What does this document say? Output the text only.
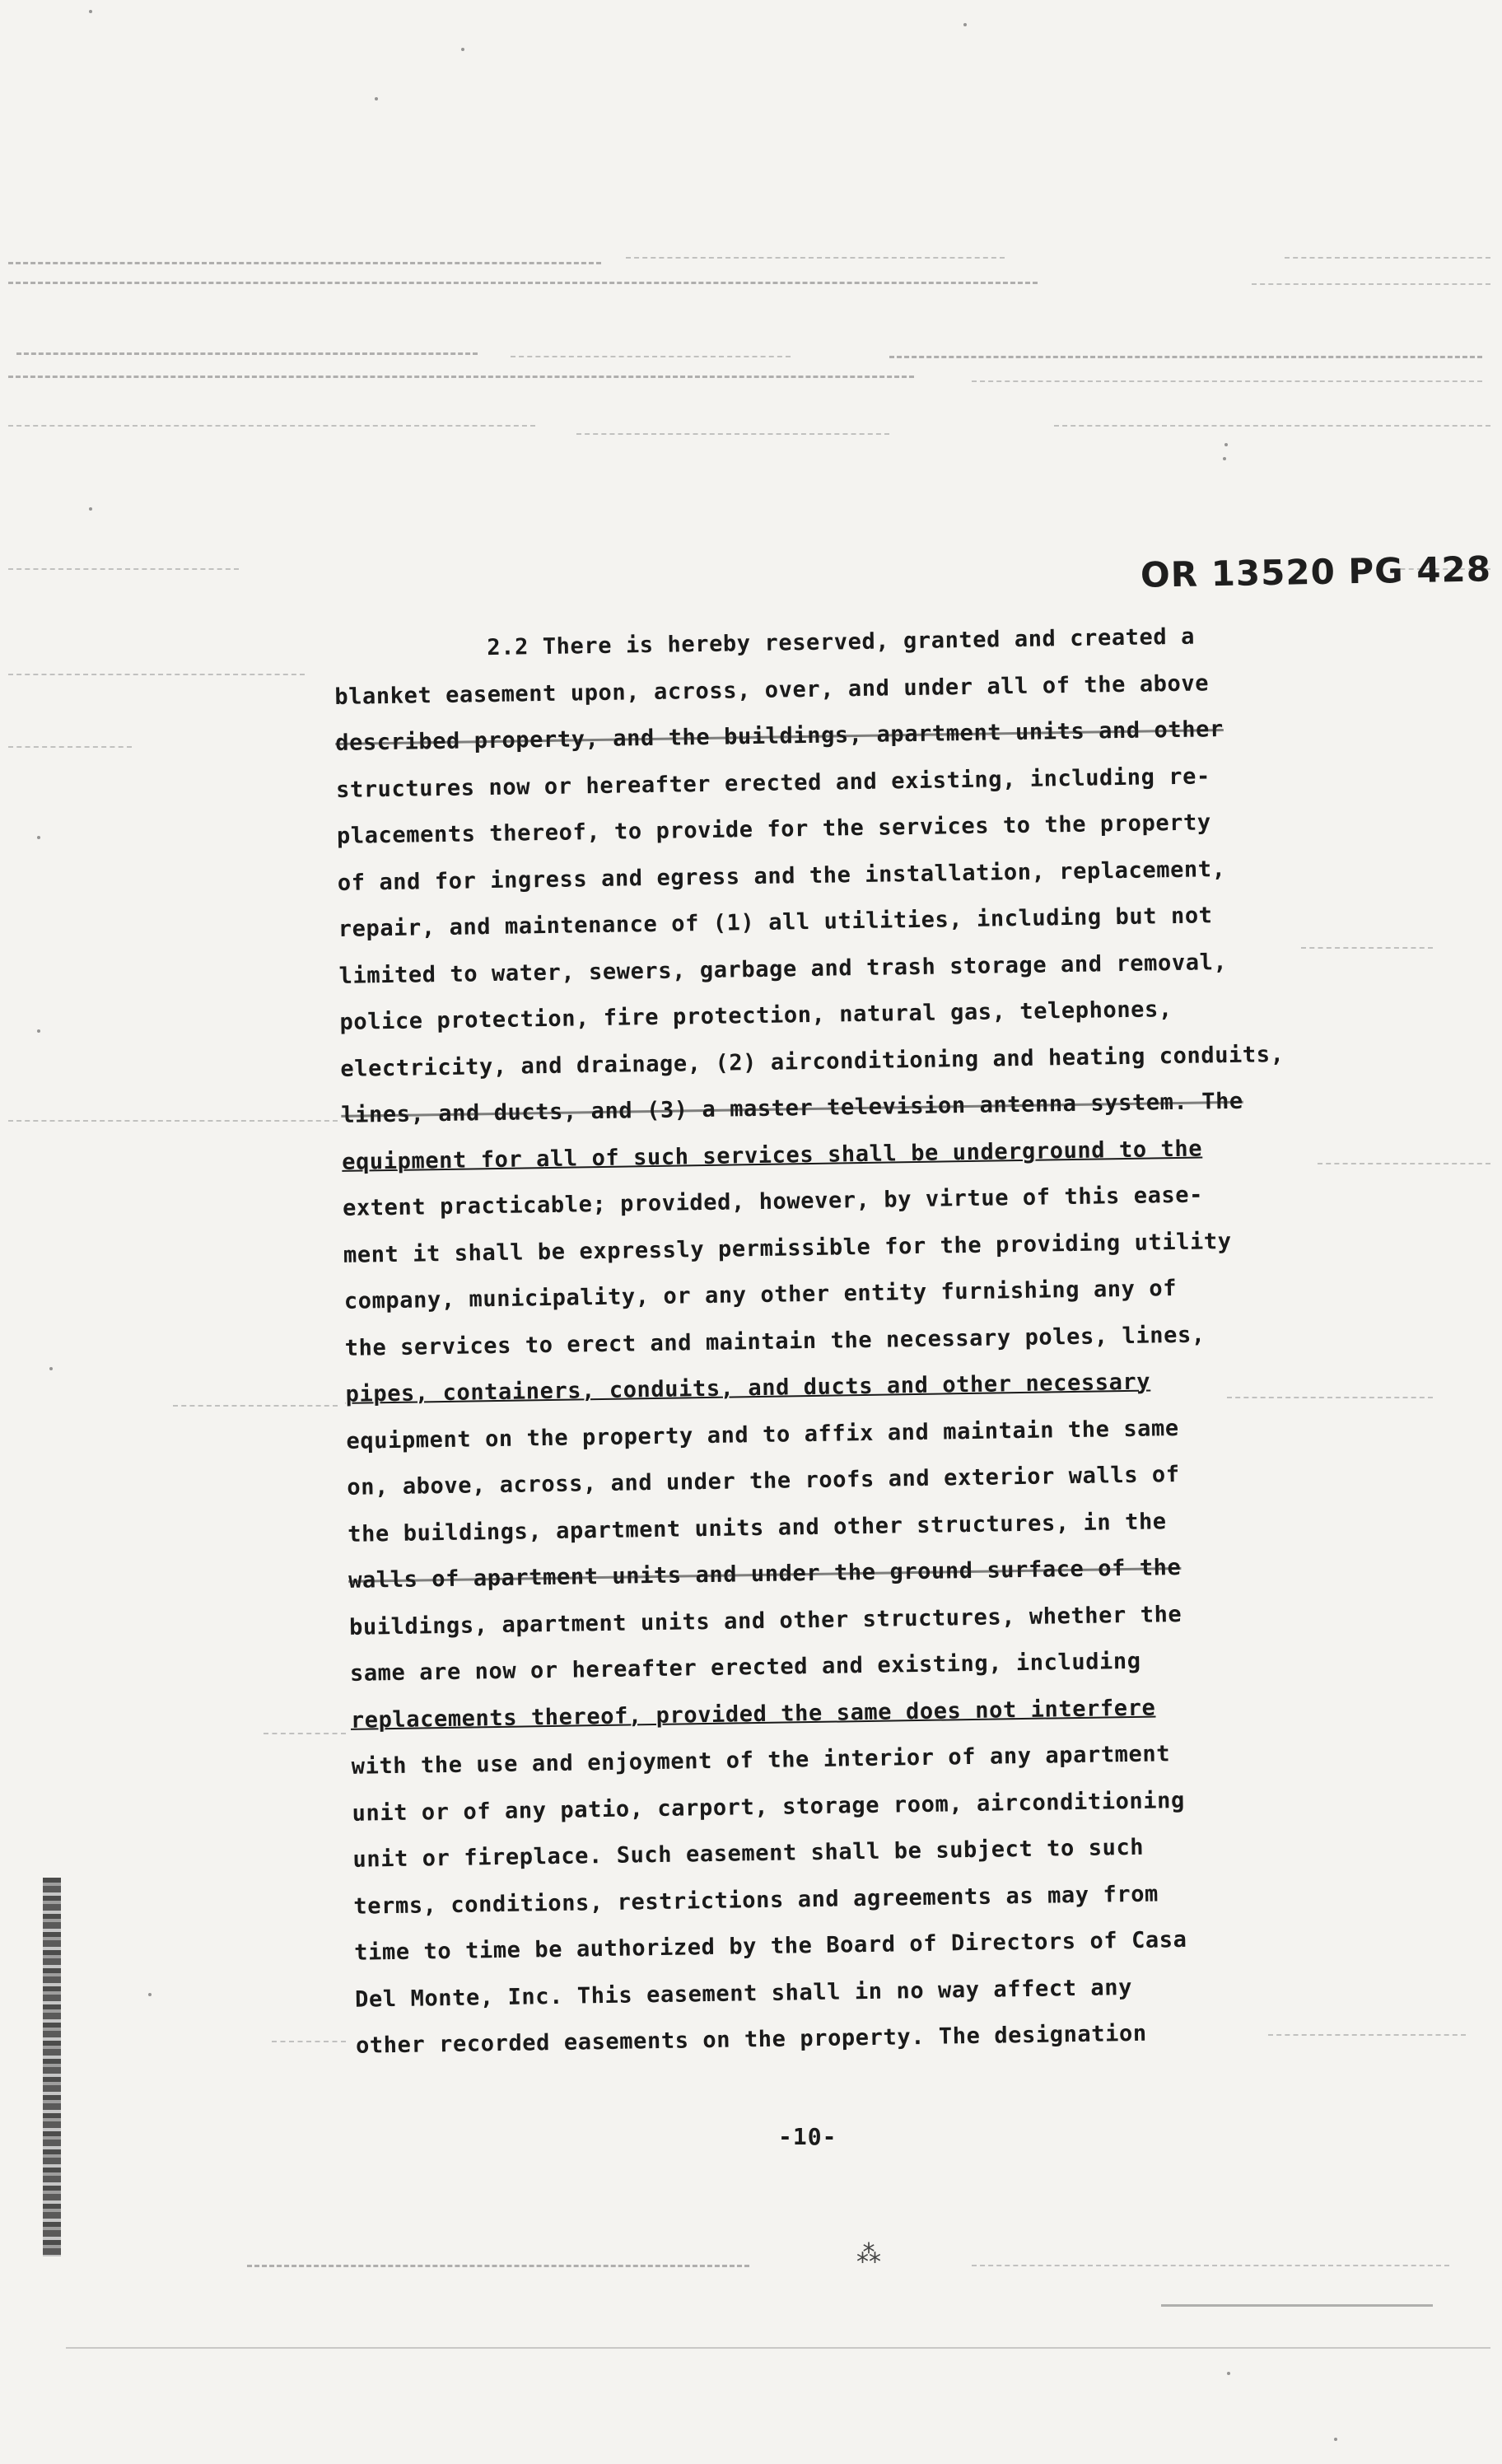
⁂
OR 13520 PG 428
2.2 There is hereby reserved, granted and created a
blanket easement upon, across, over, and under all of the above
described property, and the buildings, apartment units and other
structures now or hereafter erected and existing, including re-
placements thereof, to provide for the services to the property
of and for ingress and egress and the installation, replacement,
repair, and maintenance of (1) all utilities, including but not
limited to water, sewers, garbage and trash storage and removal,
police protection, fire protection, natural gas, telephones,
electricity, and drainage, (2) airconditioning and heating conduits,
lines, and ducts, and (3) a master television antenna system. The
equipment for all of such services shall be underground to the
extent practicable; provided, however, by virtue of this ease-
ment it shall be expressly permissible for the providing utility
company, municipality, or any other entity furnishing any of
the services to erect and maintain the necessary poles, lines,
pipes, containers, conduits, and ducts and other necessary
equipment on the property and to affix and maintain the same
on, above, across, and under the roofs and exterior walls of
the buildings, apartment units and other structures, in the
walls of apartment units and under the ground surface of the
buildings, apartment units and other structures, whether the
same are now or hereafter erected and existing, including
replacements thereof, provided the same does not interfere
with the use and enjoyment of the interior of any apartment
unit or of any patio, carport, storage room, airconditioning
unit or fireplace. Such easement shall be subject to such
terms, conditions, restrictions and agreements as may from
time to time be authorized by the Board of Directors of Casa
Del Monte, Inc. This easement shall in no way affect any
other recorded easements on the property. The designation
-10-
